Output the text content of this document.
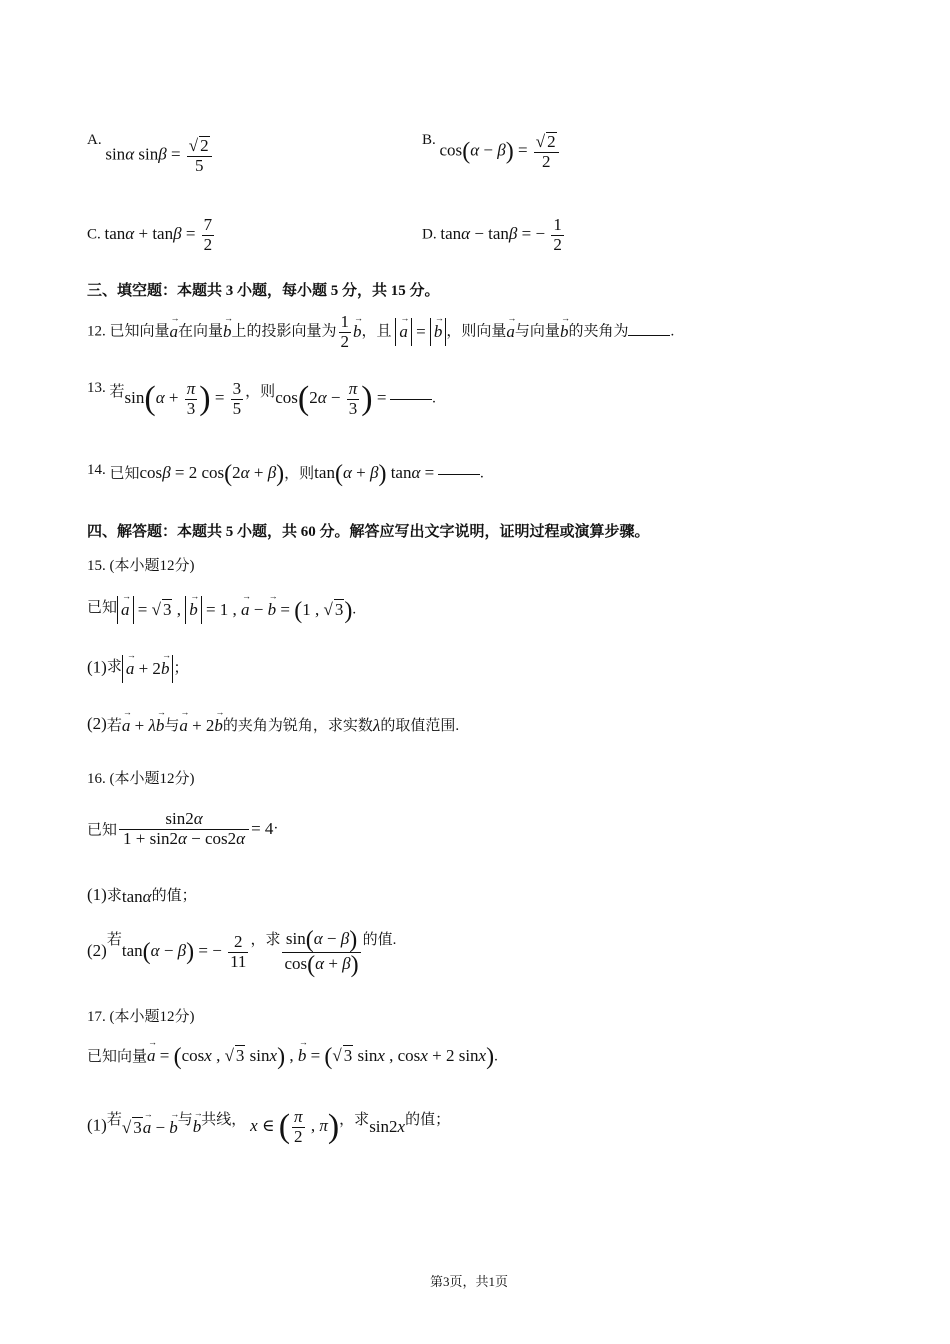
A. sinα $\sin\beta = \frac{√ 2}{5}$	B. $\cos(\alpha - \beta) = \frac{√ 2}{2}$
C. $\tan\alpha + \tan\beta = \frac{7}{2}$	D. tanα − tanβ = − $\frac{1}{2}$
三、填空题：本题共 3 小题，每小题 5 分，共 15 分。
12. 已知向量→ a在向量→ b上的投影向量为 $\frac{1}{2}$
→ b，且 → a = → b ，则向量→ a与向量→ b的夹角为	.
13. 若$\sin(\alpha + \frac{\pi}{3}$ ) = $\frac{3}{5}$ ，则$\cos(2\alpha - \frac{\pi}{3}$ ) =	.
14. 已知cosβ = 2 cos(2α + β)，则tan(α + β) tanα =	.
四、解答题：本题共 5 小题，共 60 分。解答应写出文字说明，证明过程或演算步骤。
15. (本小题12分)
已知→ a = √ 3 , → b = 1 , → a − → b = (1 , √ 3).
(1)求→ a + 2→ b ；
(2)若→ a + λ→ b与→ a + 2→ b的夹角为锐角，求实数λ的取值范围.
16. (本小题12分)
已知 $\frac{\sin 2\alpha}{1 + \sin 2\alpha - \cos 2\alpha} = 4\cdot$
(1)求tanα的值；
(2)若tan(α − β) = − $\frac{2}{11}$ ，求 $\frac{\sin(\alpha - \beta)}{\cos(\alpha + \beta)}$ 的值.
17. (本小题12分)
已知向量→ a = (cosx , √ 3 sinx) , → b = (√ 3 sinx , cosx + 2 sinx).
(1)若√ 3→ a − → b与→ b共线， x ∈ ( $\frac{\pi}{2}$ , π)，求sin2x的值；
第3页，共1页
